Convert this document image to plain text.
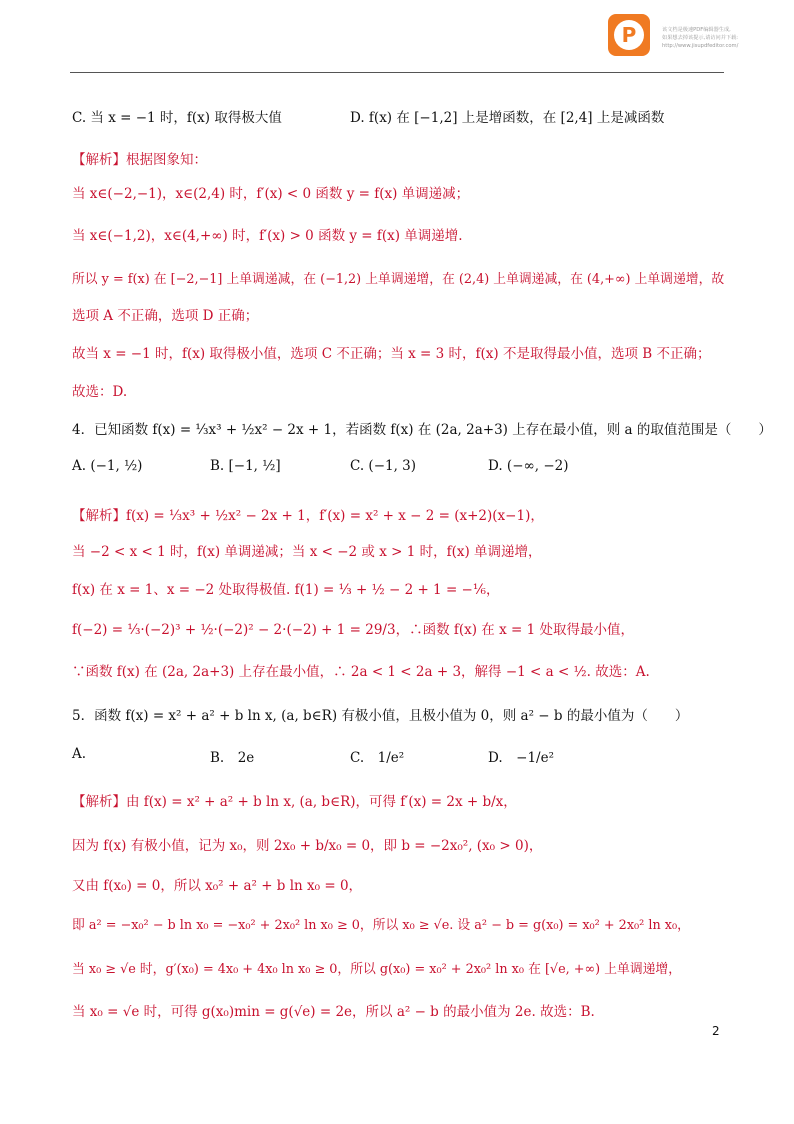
P	该文档是极速PDF编辑器生成,
如果想去掉该提示,请访问并下载:
http://www.jisupdfeditor.com/
C. 当 x = −1 时，f(x) 取得极大值	D. f(x) 在 [−1,2] 上是增函数，在 [2,4] 上是减函数
【解析】根据图象知：
当 x∈(−2,−1)，x∈(2,4) 时，f′(x) < 0 函数 y = f(x) 单调递减；
当 x∈(−1,2)，x∈(4,+∞) 时，f′(x) > 0 函数 y = f(x) 单调递增.
所以 y = f(x) 在 [−2,−1] 上单调递减，在 (−1,2) 上单调递增，在 (2,4) 上单调递减，在 (4,+∞) 上单调递增，故
选项 A 不正确，选项 D 正确；
故当 x = −1 时，f(x) 取得极小值，选项 C 不正确；当 x = 3 时，f(x) 不是取得最小值，选项 B 不正确；
故选：D.
4．已知函数 f(x) = ⅓x³ + ½x² − 2x + 1，若函数 f(x) 在 (2a, 2a+3) 上存在最小值，则 a 的取值范围是（　　）
A. (−1, ½)	B. [−1, ½]	C. (−1, 3)	D. (−∞, −2)
【解析】f(x) = ⅓x³ + ½x² − 2x + 1，f′(x) = x² + x − 2 = (x+2)(x−1)，
当 −2 < x < 1 时，f(x) 单调递减；当 x < −2 或 x > 1 时，f(x) 单调递增，
f(x) 在 x = 1、x = −2 处取得极值. f(1) = ⅓ + ½ − 2 + 1 = −⅙，
f(−2) = ⅓·(−2)³ + ½·(−2)² − 2·(−2) + 1 = 29/3，∴函数 f(x) 在 x = 1 处取得最小值，
∵函数 f(x) 在 (2a, 2a+3) 上存在最小值，∴ 2a < 1 < 2a + 3，解得 −1 < a < ½. 故选：A.
5．函数 f(x) = x² + a² + b ln x, (a, b∈R) 有极小值，且极小值为 0，则 a² − b 的最小值为（　　）
A.	B.　2e	C.　1/e²	D.　−1/e²
【解析】由 f(x) = x² + a² + b ln x, (a, b∈R)，可得 f′(x) = 2x + b/x，
因为 f(x) 有极小值，记为 x₀，则 2x₀ + b/x₀ = 0，即 b = −2x₀², (x₀ > 0)，
又由 f(x₀) = 0，所以 x₀² + a² + b ln x₀ = 0，
即 a² = −x₀² − b ln x₀ = −x₀² + 2x₀² ln x₀ ≥ 0，所以 x₀ ≥ √e. 设 a² − b = g(x₀) = x₀² + 2x₀² ln x₀，
当 x₀ ≥ √e 时，g′(x₀) = 4x₀ + 4x₀ ln x₀ ≥ 0，所以 g(x₀) = x₀² + 2x₀² ln x₀ 在 [√e, +∞) 上单调递增，
当 x₀ = √e 时，可得 g(x₀)min = g(√e) = 2e，所以 a² − b 的最小值为 2e. 故选：B.
2
